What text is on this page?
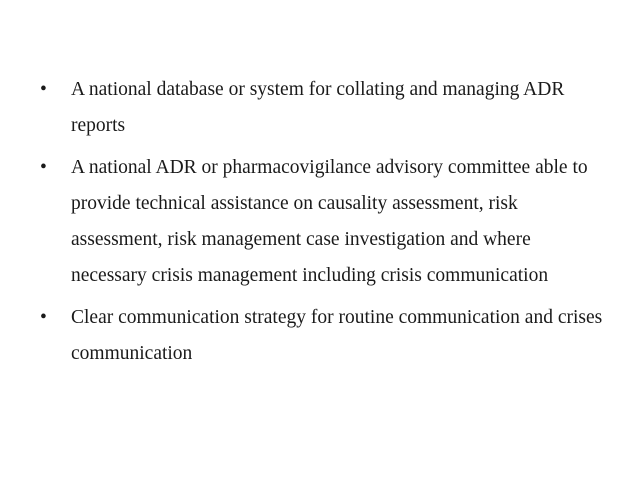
•	A national database or system for collating and managing ADR reports
•	A national ADR or pharmacovigilance advisory committee able to provide technical assistance on causality assessment, risk assessment, risk management case investigation and where necessary crisis management including crisis communication
•	Clear communication strategy for routine communication and crises communication
